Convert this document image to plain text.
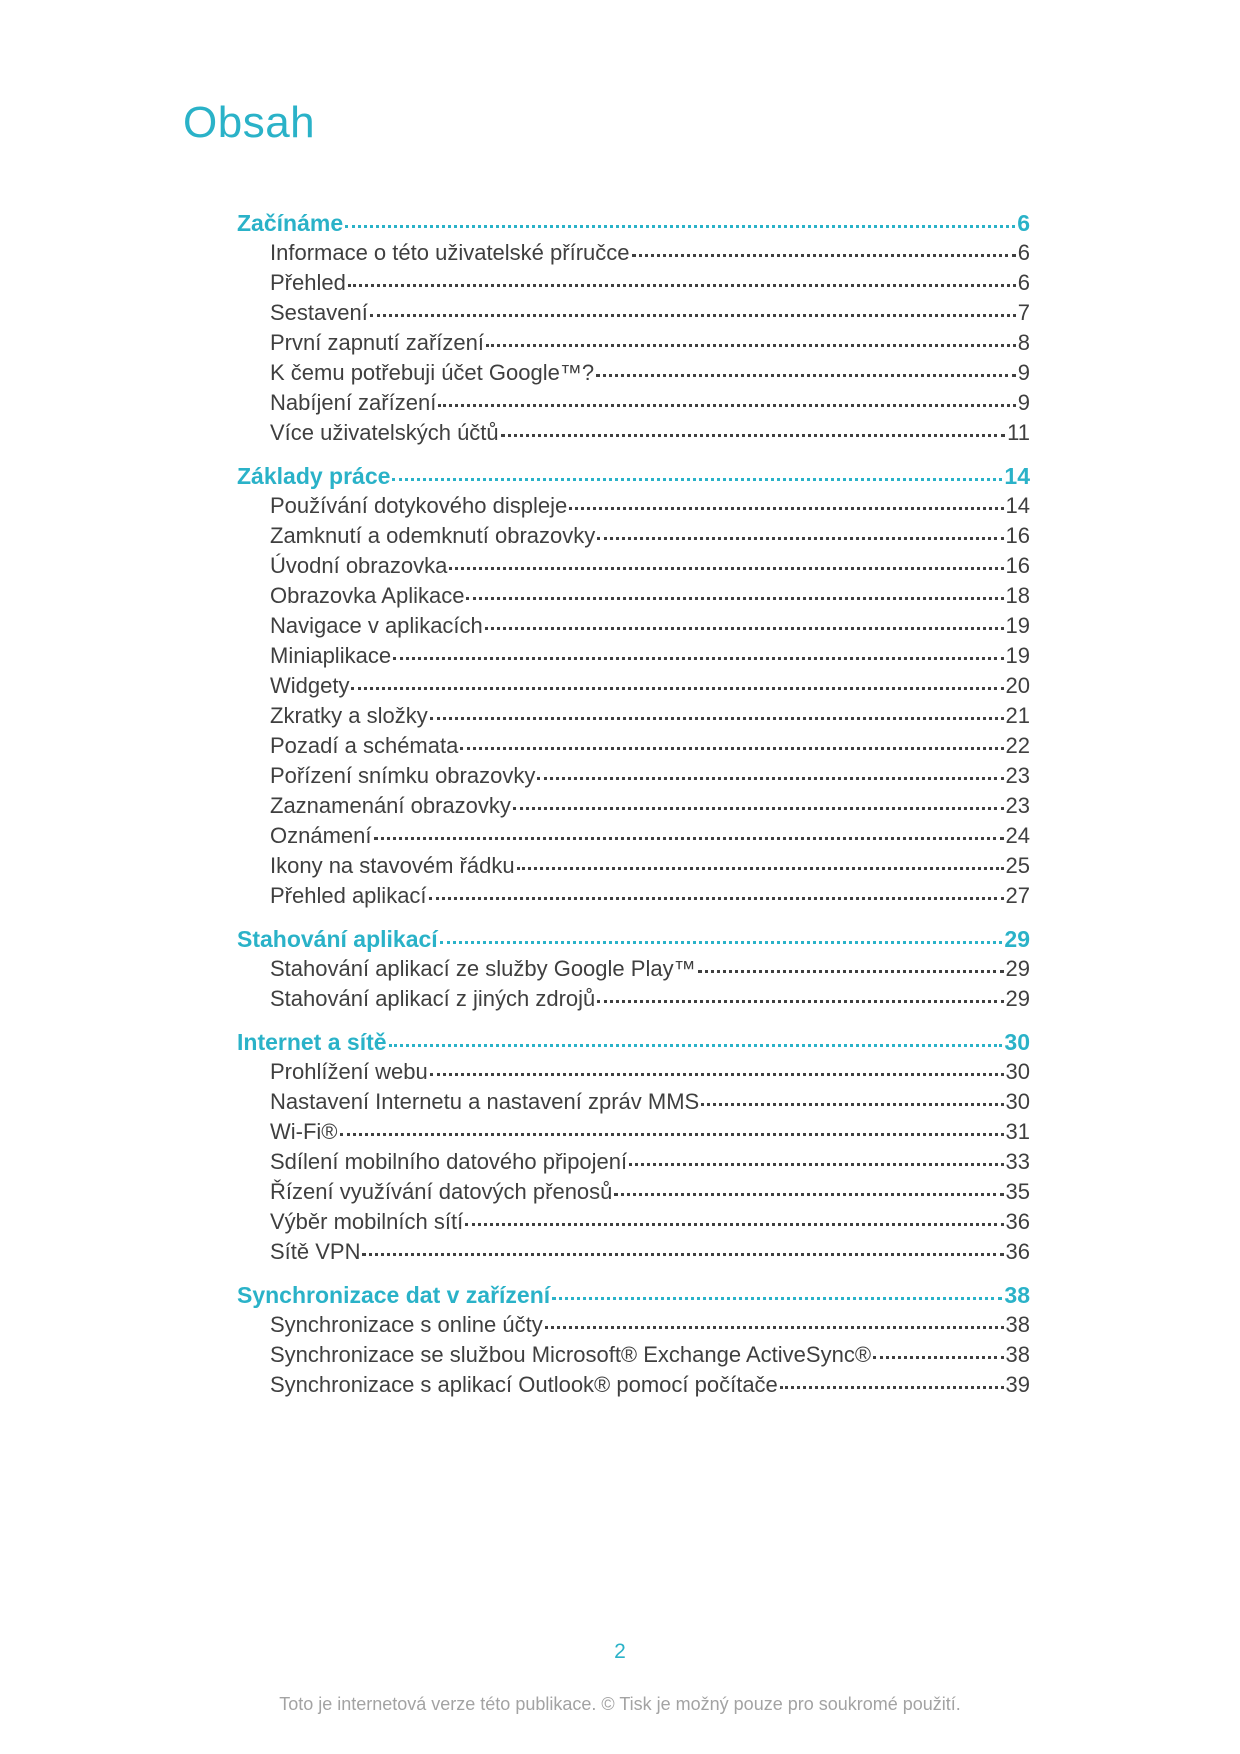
Obsah
Začínáme	6
Informace o této uživatelské příručce	6
Přehled	6
Sestavení	7
První zapnutí zařízení	8
K čemu potřebuji účet Google™?	9
Nabíjení zařízení	9
Více uživatelských účtů	11
Základy práce	14
Používání dotykového displeje	14
Zamknutí a odemknutí obrazovky	16
Úvodní obrazovka	16
Obrazovka Aplikace	18
Navigace v aplikacích	19
Miniaplikace	19
Widgety	20
Zkratky a složky	21
Pozadí a schémata	22
Pořízení snímku obrazovky	23
Zaznamenání obrazovky	23
Oznámení	24
Ikony na stavovém řádku	25
Přehled aplikací	27
Stahování aplikací	29
Stahování aplikací ze služby Google Play™	29
Stahování aplikací z jiných zdrojů	29
Internet a sítě	30
Prohlížení webu	30
Nastavení Internetu a nastavení zpráv MMS	30
Wi-Fi®	31
Sdílení mobilního datového připojení	33
Řízení využívání datových přenosů	35
Výběr mobilních sítí	36
Sítě VPN	36
Synchronizace dat v zařízení	38
Synchronizace s online účty	38
Synchronizace se službou Microsoft® Exchange ActiveSync®	38
Synchronizace s aplikací Outlook® pomocí počítače	39
2
Toto je internetová verze této publikace. © Tisk je možný pouze pro soukromé použití.
